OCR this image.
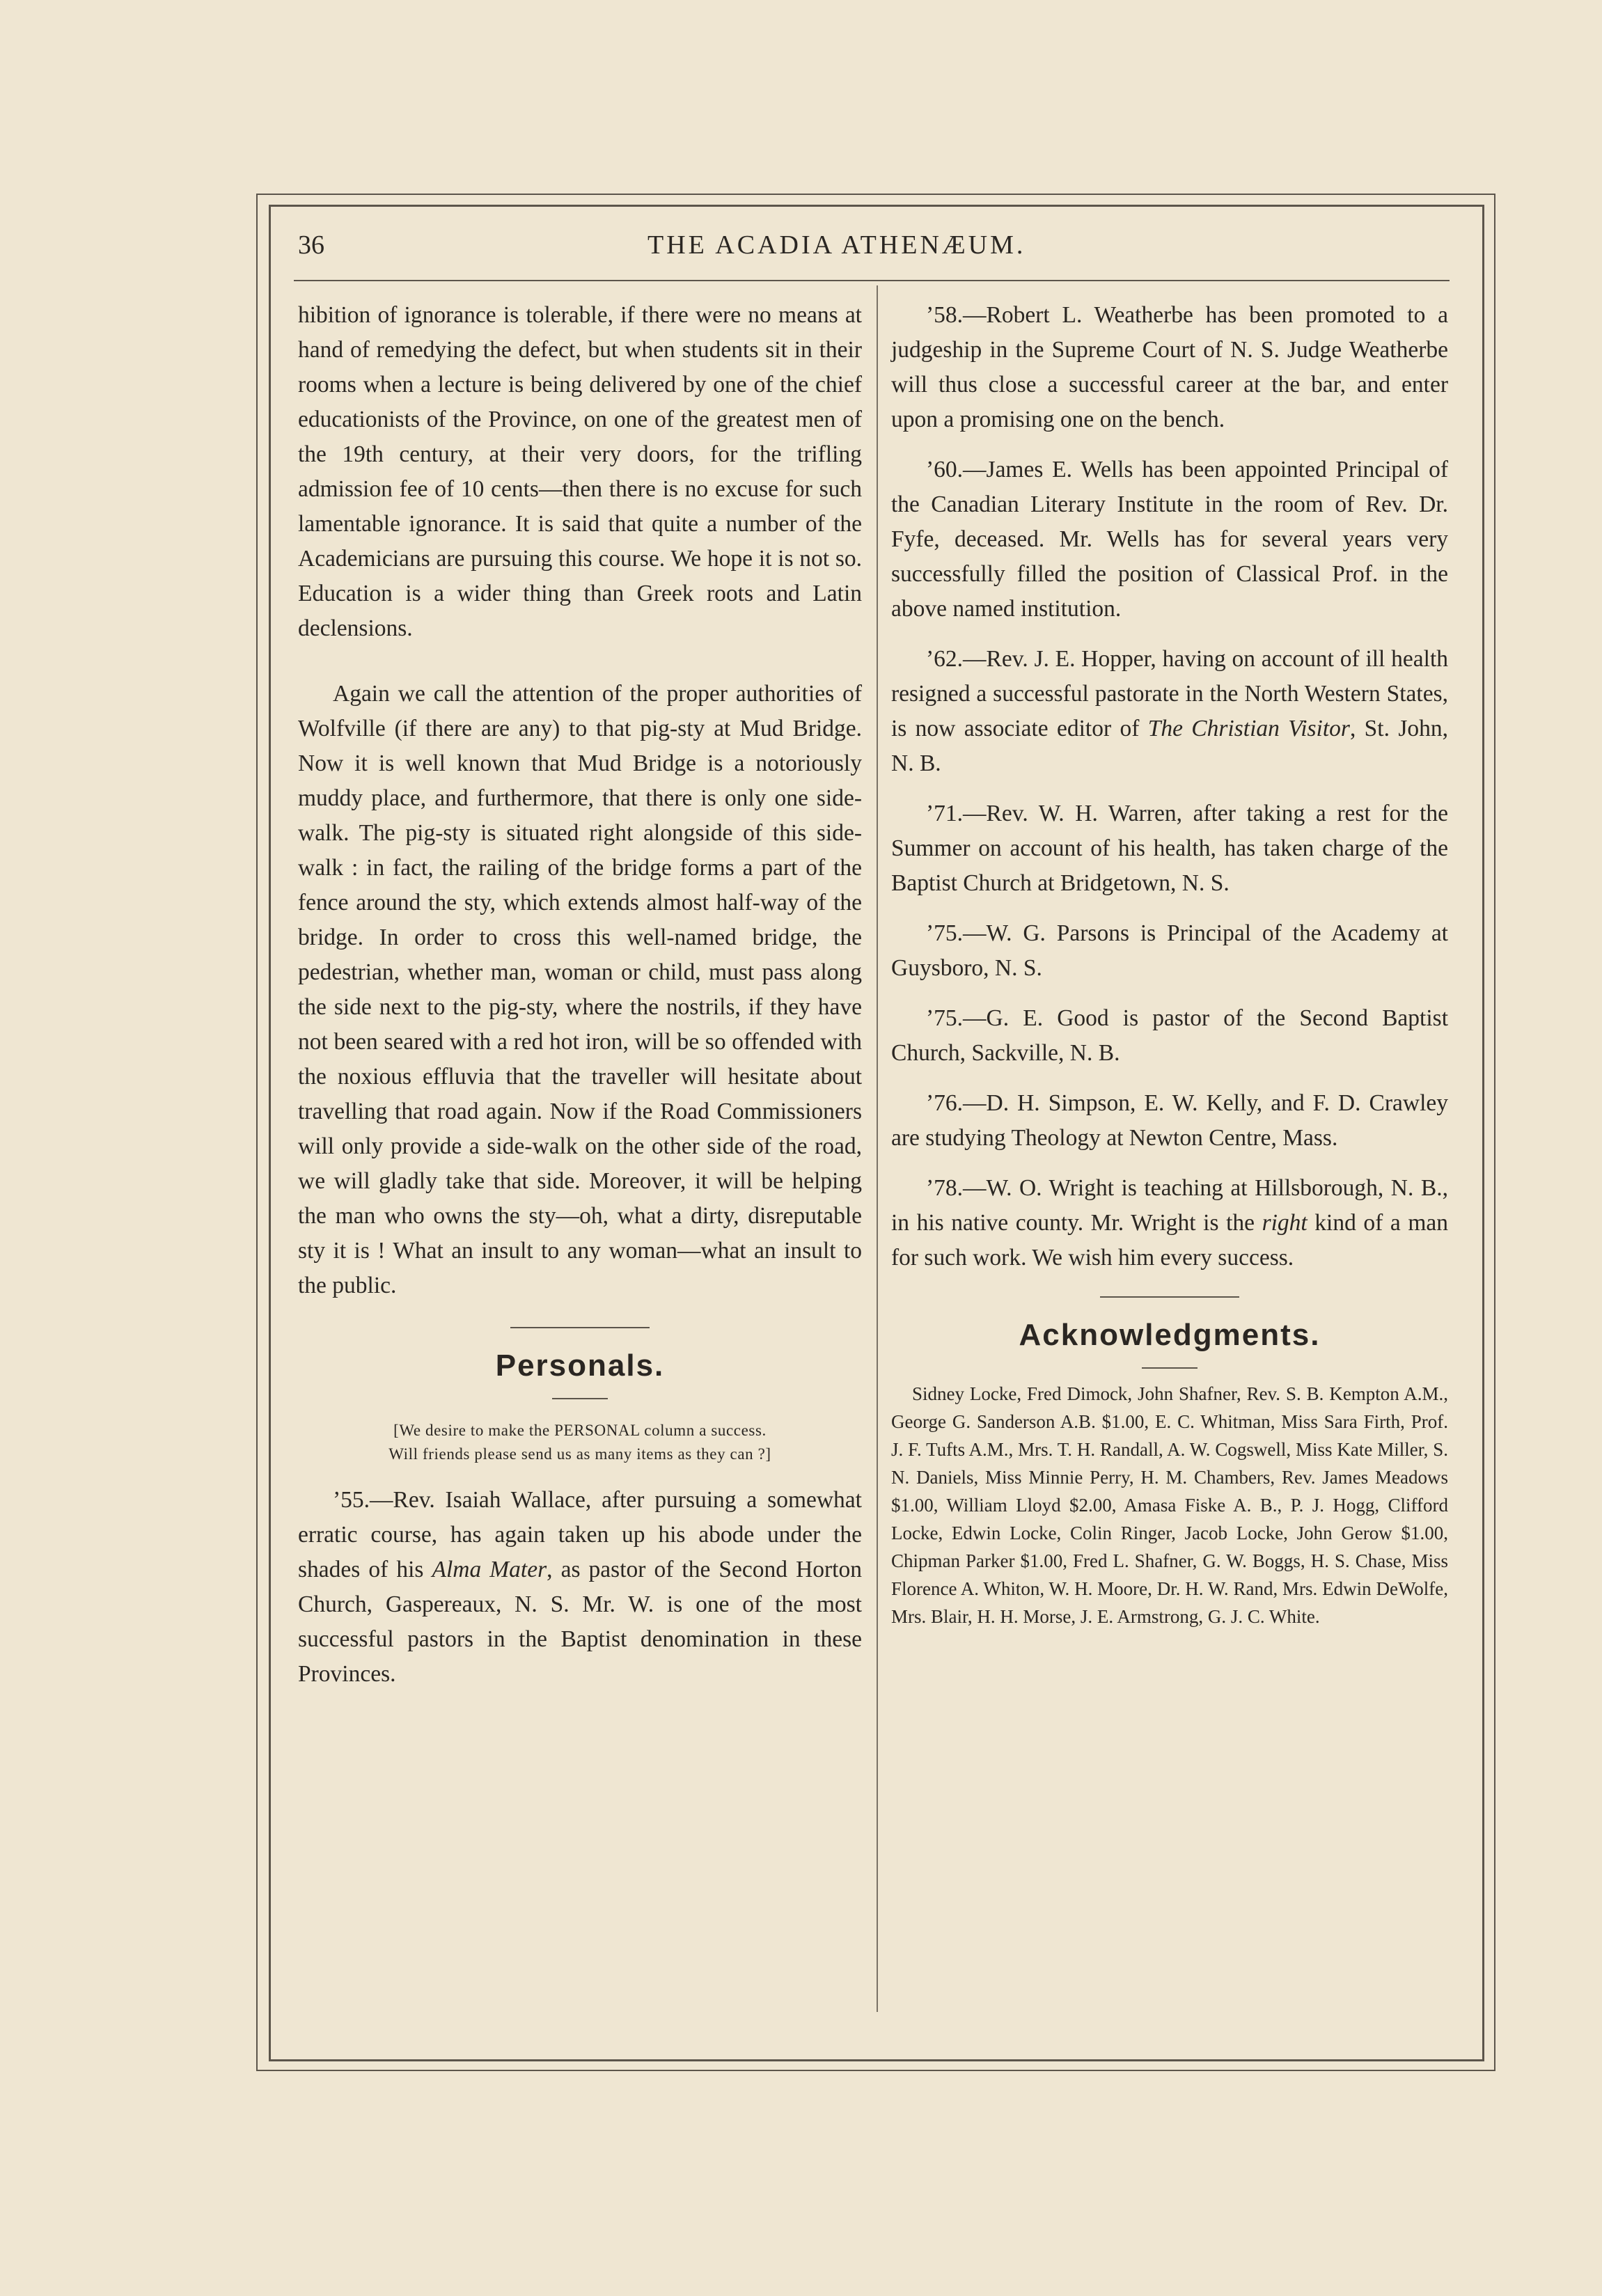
36	THE ACADIA ATHENÆUM.

hibition of ignorance is tolerable, if there were no means at hand of remedying the defect, but when students sit in their rooms when a lecture is being delivered by one of the chief educationists of the Province, on one of the greatest men of the 19th century, at their very doors, for the trifling admission fee of 10 cents—then there is no excuse for such lamentable ignorance. It is said that quite a number of the Academicians are pursuing this course. We hope it is not so. Education is a wider thing than Greek roots and Latin declensions.

Again we call the attention of the proper authorities of Wolfville (if there are any) to that pig-sty at Mud Bridge. Now it is well known that Mud Bridge is a notoriously muddy place, and furthermore, that there is only one side-walk. The pig-sty is situated right alongside of this side-walk : in fact, the railing of the bridge forms a part of the fence around the sty, which extends almost half-way of the bridge. In order to cross this well-named bridge, the pedestrian, whether man, woman or child, must pass along the side next to the pig-sty, where the nostrils, if they have not been seared with a red hot iron, will be so offended with the noxious effluvia that the traveller will hesitate about travelling that road again. Now if the Road Commissioners will only provide a side-walk on the other side of the road, we will gladly take that side. Moreover, it will be helping the man who owns the sty—oh, what a dirty, disreputable sty it is ! What an insult to any woman—what an insult to the public.

Personals.
[We desire to make the PERSONAL column a success.
Will friends please send us as many items as they can ?]

’55.—Rev. Isaiah Wallace, after pursuing a somewhat erratic course, has again taken up his abode under the shades of his Alma Mater, as pastor of the Second Horton Church, Gaspereaux, N. S. Mr. W. is one of the most successful pastors in the Baptist denomination in these Provinces.

’58.—Robert L. Weatherbe has been promoted to a judgeship in the Supreme Court of N. S. Judge Weatherbe will thus close a successful career at the bar, and enter upon a promising one on the bench.

’60.—James E. Wells has been appointed Principal of the Canadian Literary Institute in the room of Rev. Dr. Fyfe, deceased. Mr. Wells has for several years very successfully filled the position of Classical Prof. in the above named institution.

’62.—Rev. J. E. Hopper, having on account of ill health resigned a successful pastorate in the North Western States, is now associate editor of The Christian Visitor, St. John, N. B.

’71.—Rev. W. H. Warren, after taking a rest for the Summer on account of his health, has taken charge of the Baptist Church at Bridgetown, N. S.

’75.—W. G. Parsons is Principal of the Academy at Guysboro, N. S.

’75.—G. E. Good is pastor of the Second Baptist Church, Sackville, N. B.

’76.—D. H. Simpson, E. W. Kelly, and F. D. Crawley are studying Theology at Newton Centre, Mass.

’78.—W. O. Wright is teaching at Hillsborough, N. B., in his native county. Mr. Wright is the right kind of a man for such work. We wish him every success.

Acknowledgments.

Sidney Locke, Fred Dimock, John Shafner, Rev. S. B. Kempton A.M., George G. Sanderson A.B. $1.00, E. C. Whitman, Miss Sara Firth, Prof. J. F. Tufts A.M., Mrs. T. H. Randall, A. W. Cogswell, Miss Kate Miller, S. N. Daniels, Miss Minnie Perry, H. M. Chambers, Rev. James Meadows $1.00, William Lloyd $2.00, Amasa Fiske A. B., P. J. Hogg, Clifford Locke, Edwin Locke, Colin Ringer, Jacob Locke, John Gerow $1.00, Chipman Parker $1.00, Fred L. Shafner, G. W. Boggs, H. S. Chase, Miss Florence A. Whiton, W. H. Moore, Dr. H. W. Rand, Mrs. Edwin DeWolfe, Mrs. Blair, H. H. Morse, J. E. Armstrong, G. J. C. White.
